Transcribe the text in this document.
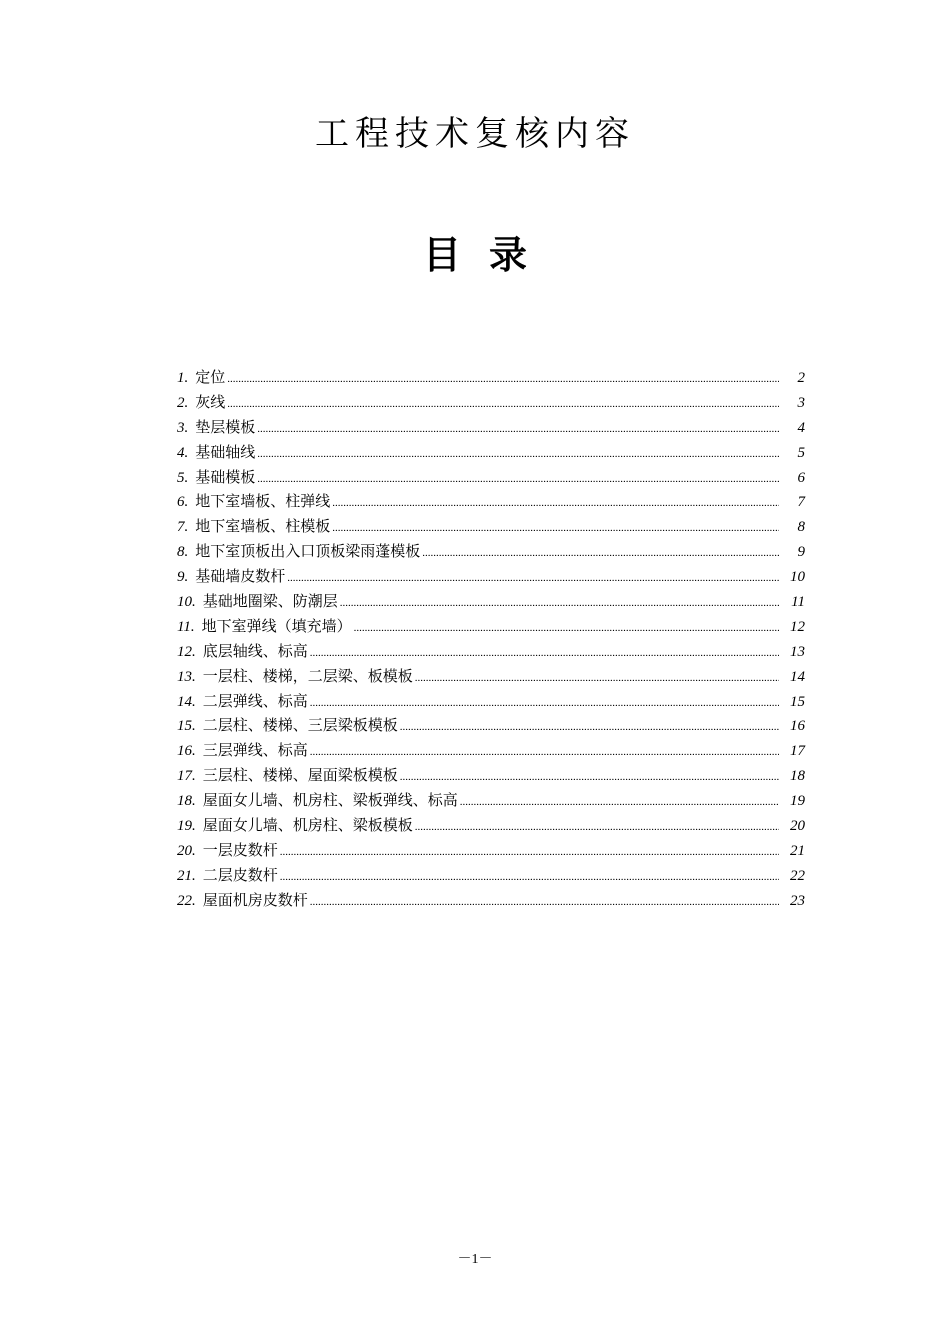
工程技术复核内容
目录
1. 定位 .....	2
2. 灰线 .....	3
3. 垫层模板 .....	4
4. 基础轴线 .....	5
5. 基础模板 .....	6
6. 地下室墙板、柱弹线 .....	7
7. 地下室墙板、柱模板 .....	8
8. 地下室顶板出入口顶板梁雨蓬模板 .....	9
9. 基础墙皮数杆 .....	10
10. 基础地圈梁、防潮层 .....	11
11. 地下室弹线（填充墙） .....	12
12. 底层轴线、标高 .....	13
13. 一层柱、楼梯，二层梁、板模板 .....	14
14. 二层弹线、标高 .....	15
15. 二层柱、楼梯、三层梁板模板 .....	16
16. 三层弹线、标高 .....	17
17. 三层柱、楼梯、屋面梁板模板 .....	18
18. 屋面女儿墙、机房柱、梁板弹线、标高 .....	19
19. 屋面女儿墙、机房柱、梁板模板 .....	20
20. 一层皮数杆 .....	21
21. 二层皮数杆 .....	22
22. 屋面机房皮数杆 .....	23
－1－
